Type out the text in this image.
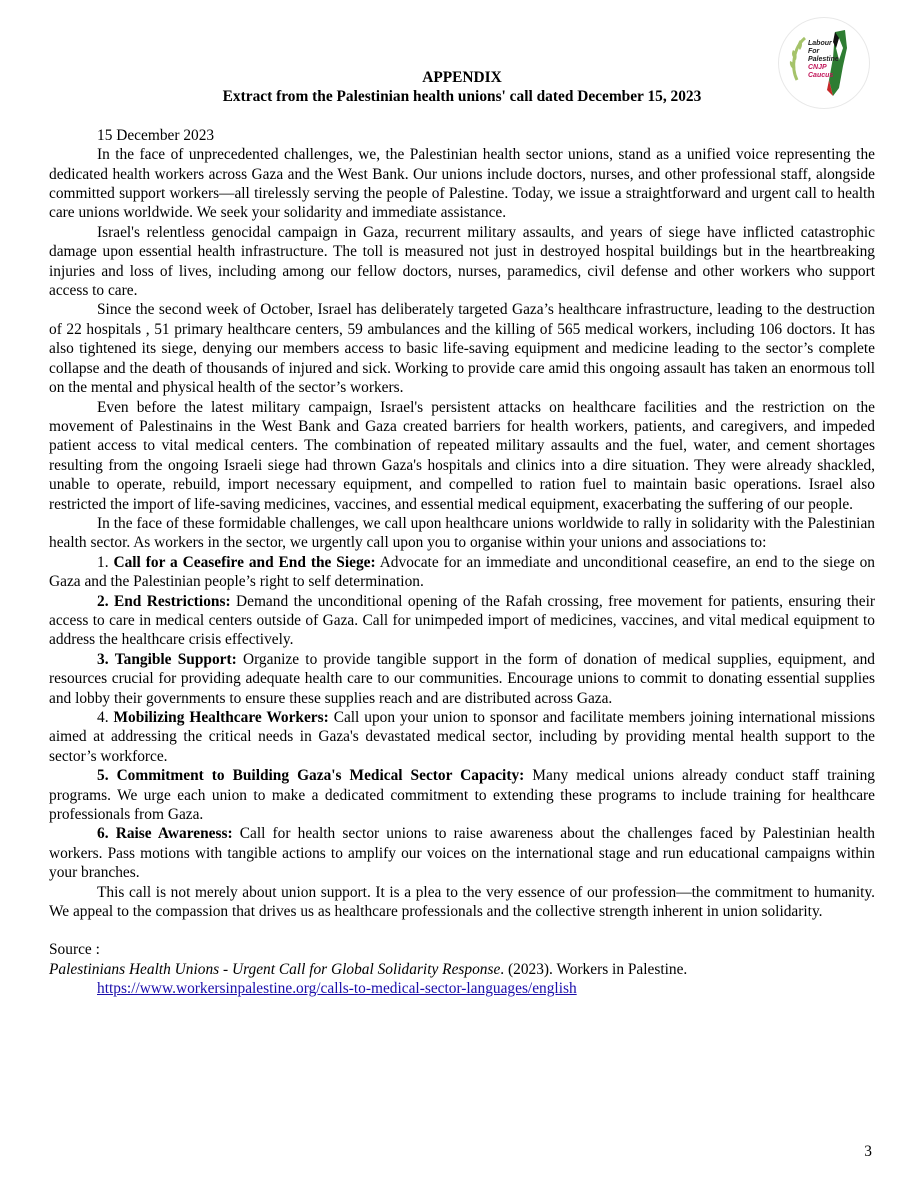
Labour
For
Palestine
CNJP
Caucus

APPENDIX

Extract from the Palestinian health unions' call dated December 15, 2023

15 December 2023

In the face of unprecedented challenges, we, the Palestinian health sector unions, stand as a unified voice representing the dedicated health workers across Gaza and the West Bank. Our unions include doctors, nurses, and other professional staff, alongside committed support workers—all tirelessly serving the people of Palestine. Today, we issue a straightforward and urgent call to health care unions worldwide. We seek your solidarity and immediate assistance.

Israel's relentless genocidal campaign in Gaza, recurrent military assaults, and years of siege have inflicted catastrophic damage upon essential health infrastructure. The toll is measured not just in destroyed hospital buildings but in the heartbreaking injuries and loss of lives, including among our fellow doctors, nurses, paramedics, civil defense and other workers who support access to care.

Since the second week of October, Israel has deliberately targeted Gaza’s healthcare infrastructure, leading to the destruction of 22 hospitals , 51 primary healthcare centers, 59 ambulances and the killing of 565 medical workers, including 106 doctors. It has also tightened its siege, denying our members access to basic life-saving equipment and medicine leading to the sector’s complete collapse and the death of thousands of injured and sick. Working to provide care amid this ongoing assault has taken an enormous toll on the mental and physical health of the sector’s workers.

Even before the latest military campaign, Israel's persistent attacks on healthcare facilities and the restriction on the movement of Palestinains in the West Bank and Gaza created barriers for health workers, patients, and caregivers, and impeded patient access to vital medical centers. The combination of repeated military assaults and the fuel, water, and cement shortages resulting from the ongoing Israeli siege had thrown Gaza's hospitals and clinics into a dire situation. They were already shackled, unable to operate, rebuild, import necessary equipment, and compelled to ration fuel to maintain basic operations. Israel also restricted the import of life-saving medicines, vaccines, and essential medical equipment, exacerbating the suffering of our people.

In the face of these formidable challenges, we call upon healthcare unions worldwide to rally in solidarity with the Palestinian health sector. As workers in the sector, we urgently call upon you to organise within your unions and associations to:

1. Call for a Ceasefire and End the Siege: Advocate for an immediate and unconditional ceasefire, an end to the siege on Gaza and the Palestinian people’s right to self determination.

2. End Restrictions: Demand the unconditional opening of the Rafah crossing, free movement for patients, ensuring their access to care in medical centers outside of Gaza. Call for unimpeded import of medicines, vaccines, and vital medical equipment to address the healthcare crisis effectively.

3. Tangible Support: Organize to provide tangible support in the form of donation of medical supplies, equipment, and resources crucial for providing adequate health care to our communities. Encourage unions to commit to donating essential supplies and lobby their governments to ensure these supplies reach and are distributed across Gaza.

4. Mobilizing Healthcare Workers: Call upon your union to sponsor and facilitate members joining international missions aimed at addressing the critical needs in Gaza's devastated medical sector, including by providing mental health support to the sector’s workforce.

5. Commitment to Building Gaza's Medical Sector Capacity: Many medical unions already conduct staff training programs. We urge each union to make a dedicated commitment to extending these programs to include training for healthcare professionals from Gaza.

6. Raise Awareness: Call for health sector unions to raise awareness about the challenges faced by Palestinian health workers. Pass motions with tangible actions to amplify our voices on the international stage and run educational campaigns within your branches.

This call is not merely about union support. It is a plea to the very essence of our profession—the commitment to humanity. We appeal to the compassion that drives us as healthcare professionals and the collective strength inherent in union solidarity.

Source :

Palestinians Health Unions - Urgent Call for Global Solidarity Response. (2023). Workers in Palestine.

https://www.workersinpalestine.org/calls-to-medical-sector-languages/english

3
